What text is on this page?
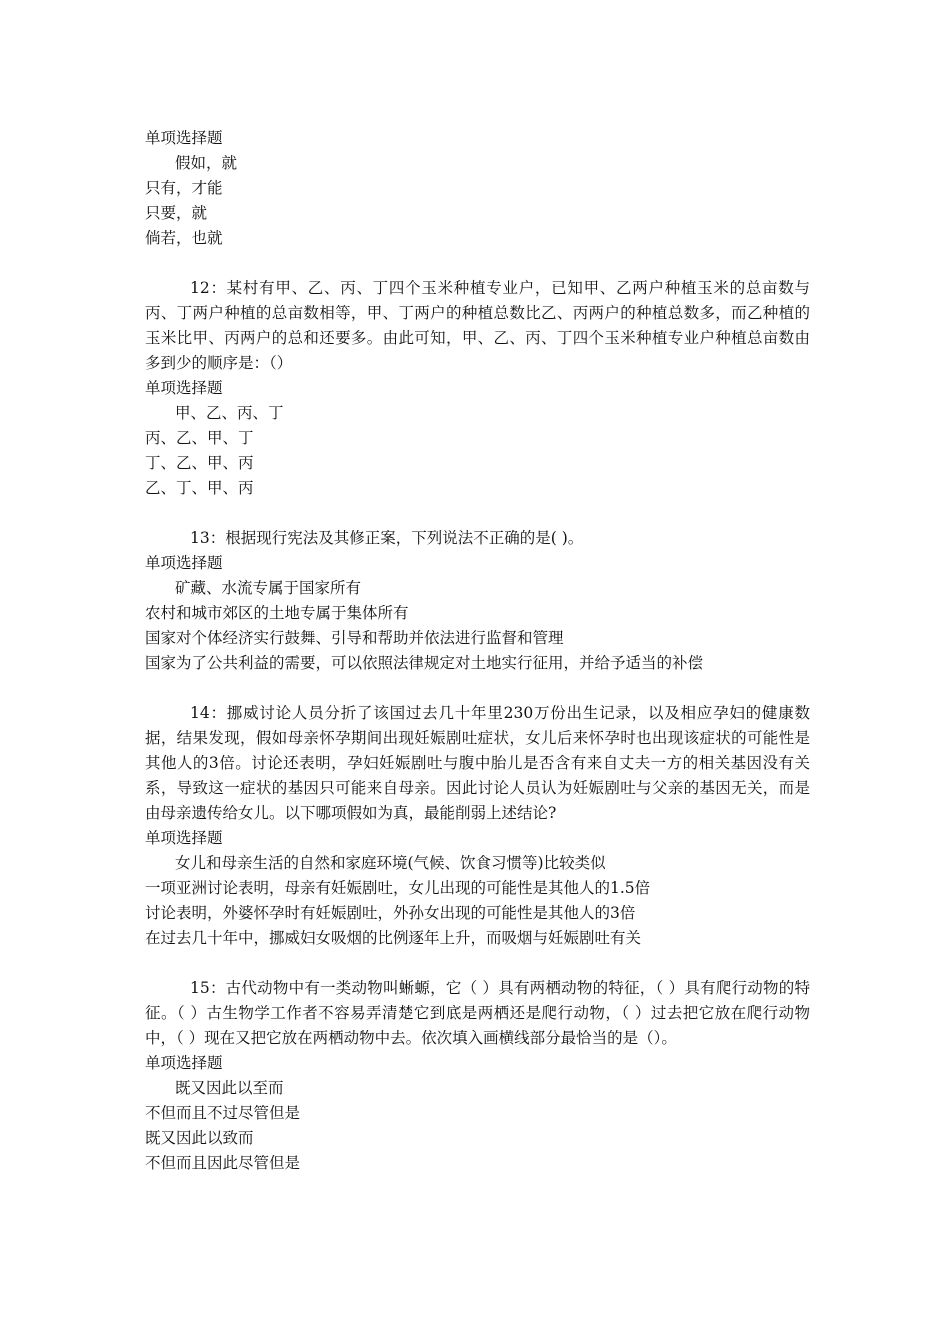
单项选择题
假如，就
只有，才能
只要，就
倘若，也就
12：某村有甲、乙、丙、丁四个玉米种植专业户，已知甲、乙两户种植玉米的总亩数与丙、丁两户种植的总亩数相等，甲、丁两户的种植总数比乙、丙两户的种植总数多，而乙种植的玉米比甲、丙两户的总和还要多。由此可知，甲、乙、丙、丁四个玉米种植专业户种植总亩数由多到少的顺序是：（）
单项选择题
甲、乙、丙、丁
丙、乙、甲、丁
丁、乙、甲、丙
乙、丁、甲、丙
13：根据现行宪法及其修正案，下列说法不正确的是( )。
单项选择题
矿藏、水流专属于国家所有
农村和城市郊区的土地专属于集体所有
国家对个体经济实行鼓舞、引导和帮助并依法进行监督和管理
国家为了公共利益的需要，可以依照法律规定对土地实行征用，并给予适当的补偿
14：挪威讨论人员分折了该国过去几十年里230万份出生记录，以及相应孕妇的健康数据，结果发现，假如母亲怀孕期间出现妊娠剧吐症状，女儿后来怀孕时也出现该症状的可能性是其他人的3倍。讨论还表明，孕妇妊娠剧吐与腹中胎儿是否含有来自丈夫一方的相关基因没有关系，导致这一症状的基因只可能来自母亲。因此讨论人员认为妊娠剧吐与父亲的基因无关，而是由母亲遗传给女儿。以下哪项假如为真，最能削弱上述结论?
单项选择题
女儿和母亲生活的自然和家庭环境(气候、饮食习惯等)比较类似
一项亚洲讨论表明，母亲有妊娠剧吐，女儿出现的可能性是其他人的1.5倍
讨论表明，外婆怀孕时有妊娠剧吐，外孙女出现的可能性是其他人的3倍
在过去几十年中，挪威妇女吸烟的比例逐年上升，而吸烟与妊娠剧吐有关
15：古代动物中有一类动物叫蜥螈，它（ ）具有两栖动物的特征，（ ）具有爬行动物的特征。（ ）古生物学工作者不容易弄清楚它到底是两栖还是爬行动物，（ ）过去把它放在爬行动物中，（ ）现在又把它放在两栖动物中去。依次填入画横线部分最恰当的是（）。
单项选择题
既又因此以至而
不但而且不过尽管但是
既又因此以致而
不但而且因此尽管但是
